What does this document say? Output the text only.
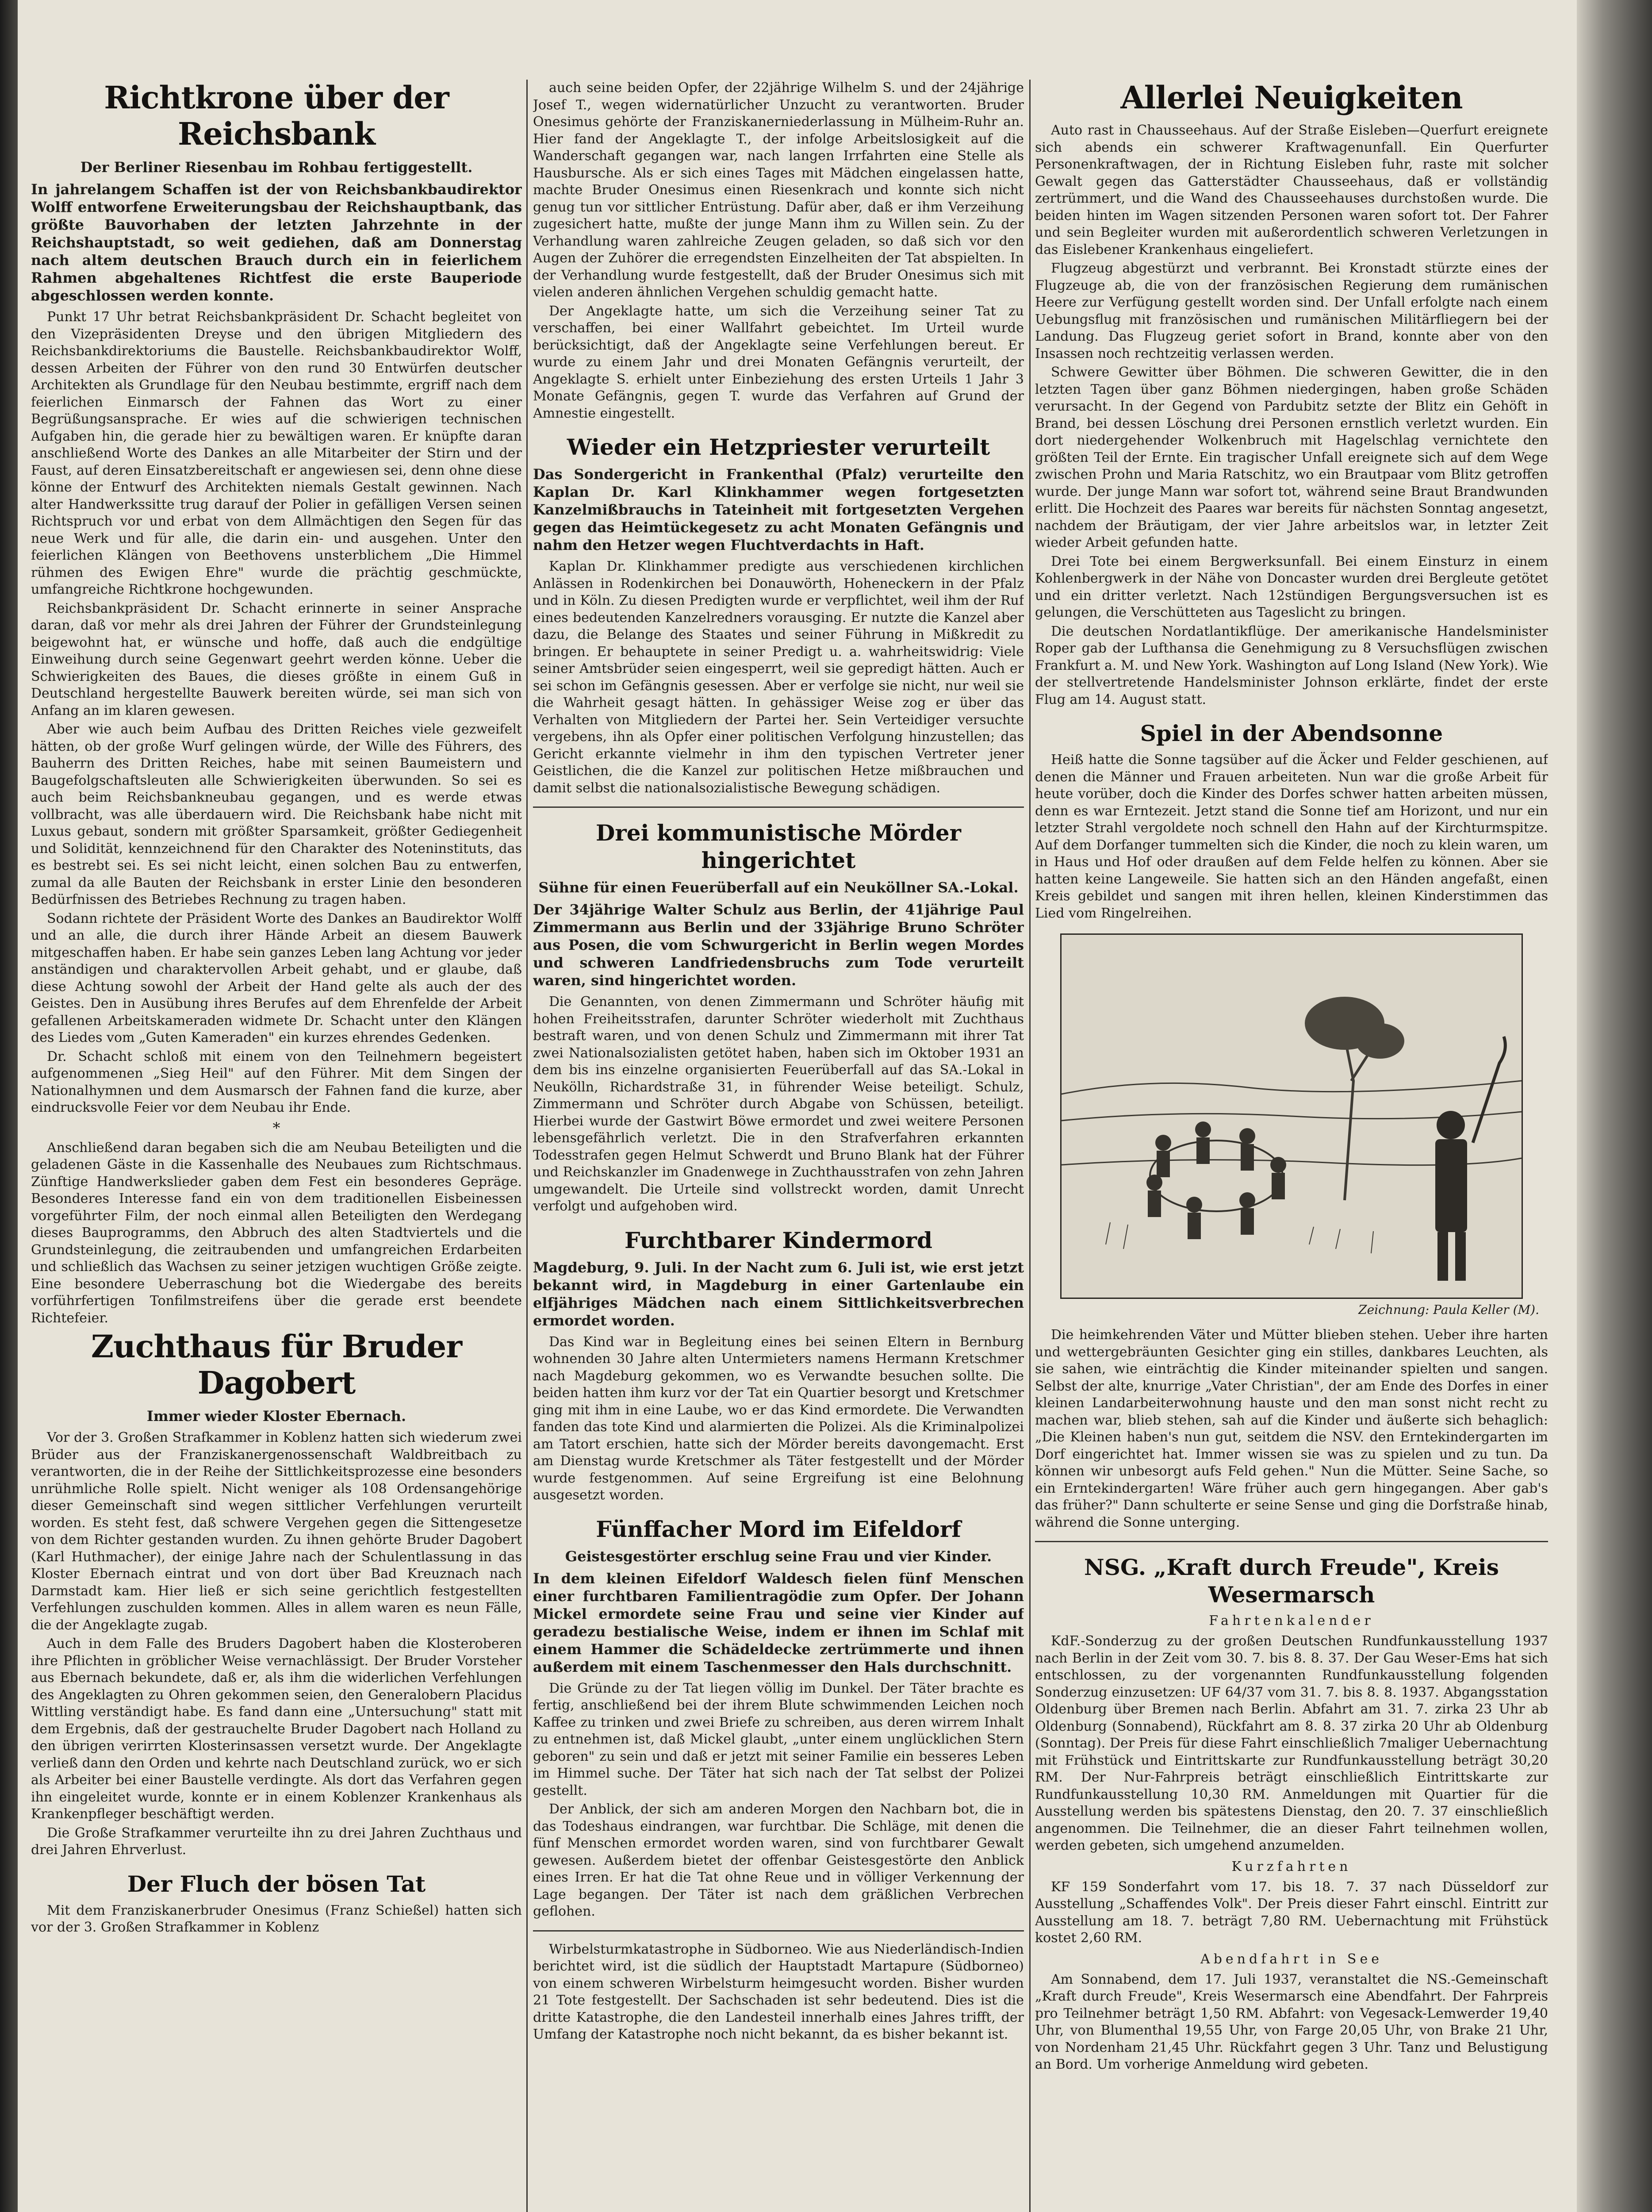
Richtkrone über der Reichsbank
Der Berliner Riesenbau im Rohbau fertiggestellt.
In jahrelangem Schaffen ist der von Reichsbankbaudirektor Wolff entworfene Erweiterungsbau der Reichshauptbank, das größte Bauvorhaben der letzten Jahrzehnte in der Reichshauptstadt, so weit gediehen, daß am Donnerstag nach altem deutschen Brauch durch ein in feierlichem Rahmen abgehaltenes Richtfest die erste Bauperiode abgeschlossen werden konnte.

Punkt 17 Uhr betrat Reichsbankpräsident Dr. Schacht begleitet von den Vizepräsidenten Dreyse und den übrigen Mitgliedern des Reichsbankdirektoriums die Baustelle. Reichsbankbaudirektor Wolff, dessen Arbeiten der Führer von den rund 30 Entwürfen deutscher Architekten als Grundlage für den Neubau bestimmte, ergriff nach dem feierlichen Einmarsch der Fahnen das Wort zu einer Begrüßungsansprache. Er wies auf die schwierigen technischen Aufgaben hin, die gerade hier zu bewältigen waren. Er knüpfte daran anschließend Worte des Dankes an alle Mitarbeiter der Stirn und der Faust, auf deren Einsatzbereitschaft er angewiesen sei, denn ohne diese könne der Entwurf des Architekten niemals Gestalt gewinnen. Nach alter Handwerkssitte trug darauf der Polier in gefälligen Versen seinen Richtspruch vor und erbat von dem Allmächtigen den Segen für das neue Werk und für alle, die darin ein- und ausgehen. Unter den feierlichen Klängen von Beethovens unsterblichem „Die Himmel rühmen des Ewigen Ehre" wurde die prächtig geschmückte, umfangreiche Richtkrone hochgewunden.

Reichsbankpräsident Dr. Schacht erinnerte in seiner Ansprache daran, daß vor mehr als drei Jahren der Führer der Grundsteinlegung beigewohnt hat, er wünsche und hoffe, daß auch die endgültige Einweihung durch seine Gegenwart geehrt werden könne. Ueber die Schwierigkeiten des Baues, die dieses größte in einem Guß in Deutschland hergestellte Bauwerk bereiten würde, sei man sich von Anfang an im klaren gewesen.

Aber wie auch beim Aufbau des Dritten Reiches viele gezweifelt hätten, ob der große Wurf gelingen würde, der Wille des Führers, des Bauherrn des Dritten Reiches, habe mit seinen Baumeistern und Baugefolgschaftsleuten alle Schwierigkeiten überwunden. So sei es auch beim Reichsbankneubau gegangen, und es werde etwas vollbracht, was alle überdauern wird. Die Reichsbank habe nicht mit Luxus gebaut, sondern mit größter Sparsamkeit, größter Gediegenheit und Solidität, kennzeichnend für den Charakter des Noteninstituts, das es bestrebt sei. Es sei nicht leicht, einen solchen Bau zu entwerfen, zumal da alle Bauten der Reichsbank in erster Linie den besonderen Bedürfnissen des Betriebes Rechnung zu tragen haben.

Sodann richtete der Präsident Worte des Dankes an Baudirektor Wolff und an alle, die durch ihrer Hände Arbeit an diesem Bauwerk mitgeschaffen haben. Er habe sein ganzes Leben lang Achtung vor jeder anständigen und charaktervollen Arbeit gehabt, und er glaube, daß diese Achtung sowohl der Arbeit der Hand gelte als auch der des Geistes. Den in Ausübung ihres Berufes auf dem Ehrenfelde der Arbeit gefallenen Arbeitskameraden widmete Dr. Schacht unter den Klängen des Liedes vom „Guten Kameraden" ein kurzes ehrendes Gedenken.

Dr. Schacht schloß mit einem von den Teilnehmern begeistert aufgenommenen „Sieg Heil" auf den Führer. Mit dem Singen der Nationalhymnen und dem Ausmarsch der Fahnen fand die kurze, aber eindrucksvolle Feier vor dem Neubau ihr Ende.

*

Anschließend daran begaben sich die am Neubau Beteiligten und die geladenen Gäste in die Kassenhalle des Neubaues zum Richtschmaus. Zünftige Handwerkslieder gaben dem Fest ein besonderes Gepräge. Besonderes Interesse fand ein von dem traditionellen Eisbeinessen vorgeführter Film, der noch einmal allen Beteiligten den Werdegang dieses Bauprogramms, den Abbruch des alten Stadtviertels und die Grundsteinlegung, die zeitraubenden und umfangreichen Erdarbeiten und schließlich das Wachsen zu seiner jetzigen wuchtigen Größe zeigte. Eine besondere Ueberraschung bot die Wiedergabe des bereits vorführfertigen Tonfilmstreifens über die gerade erst beendete Richtefeier.

Zuchthaus für Bruder Dagobert
Immer wieder Kloster Ebernach.

Vor der 3. Großen Strafkammer in Koblenz hatten sich wiederum zwei Brüder aus der Franziskanergenossenschaft Waldbreitbach zu verantworten, die in der Reihe der Sittlichkeitsprozesse eine besonders unrühmliche Rolle spielt. Nicht weniger als 108 Ordensangehörige dieser Gemeinschaft sind wegen sittlicher Verfehlungen verurteilt worden. Es steht fest, daß schwere Vergehen gegen die Sittengesetze von dem Richter gestanden wurden. Zu ihnen gehörte Bruder Dagobert (Karl Huthmacher), der einige Jahre nach der Schulentlassung in das Kloster Ebernach eintrat und von dort über Bad Kreuznach nach Darmstadt kam. Hier ließ er sich seine gerichtlich festgestellten Verfehlungen zuschulden kommen. Alles in allem waren es neun Fälle, die der Angeklagte zugab.

Auch in dem Falle des Bruders Dagobert haben die Klosteroberen ihre Pflichten in gröblicher Weise vernachlässigt. Der Bruder Vorsteher aus Ebernach bekundete, daß er, als ihm die widerlichen Verfehlungen des Angeklagten zu Ohren gekommen seien, den Generalobern Placidus Wittling verständigt habe. Es fand dann eine „Untersuchung" statt mit dem Ergebnis, daß der gestrauchelte Bruder Dagobert nach Holland zu den übrigen verirrten Klosterinsassen versetzt wurde. Der Angeklagte verließ dann den Orden und kehrte nach Deutschland zurück, wo er sich als Arbeiter bei einer Baustelle verdingte. Als dort das Verfahren gegen ihn eingeleitet wurde, konnte er in einem Koblenzer Krankenhaus als Krankenpfleger beschäftigt werden.

Die Große Strafkammer verurteilte ihn zu drei Jahren Zuchthaus und drei Jahren Ehrverlust.

Der Fluch der bösen Tat

Mit dem Franziskanerbruder Onesimus (Franz Schießel) hatten sich vor der 3. Großen Strafkammer in Koblenz

auch seine beiden Opfer, der 22jährige Wilhelm S. und der 24jährige Josef T., wegen widernatürlicher Unzucht zu verantworten. Bruder Onesimus gehörte der Franziskanerniederlassung in Mülheim-Ruhr an. Hier fand der Angeklagte T., der infolge Arbeitslosigkeit auf die Wanderschaft gegangen war, nach langen Irrfahrten eine Stelle als Hausbursche. Als er sich eines Tages mit Mädchen eingelassen hatte, machte Bruder Onesimus einen Riesenkrach und konnte sich nicht genug tun vor sittlicher Entrüstung. Dafür aber, daß er ihm Verzeihung zugesichert hatte, mußte der junge Mann ihm zu Willen sein. Zu der Verhandlung waren zahlreiche Zeugen geladen, so daß sich vor den Augen der Zuhörer die erregendsten Einzelheiten der Tat abspielten. In der Verhandlung wurde festgestellt, daß der Bruder Onesimus sich mit vielen anderen ähnlichen Vergehen schuldig gemacht hatte.

Der Angeklagte hatte, um sich die Verzeihung seiner Tat zu verschaffen, bei einer Wallfahrt gebeichtet. Im Urteil wurde berücksichtigt, daß der Angeklagte seine Verfehlungen bereut. Er wurde zu einem Jahr und drei Monaten Gefängnis verurteilt, der Angeklagte S. erhielt unter Einbeziehung des ersten Urteils 1 Jahr 3 Monate Gefängnis, gegen T. wurde das Verfahren auf Grund der Amnestie eingestellt.

Wieder ein Hetzpriester verurteilt
Das Sondergericht in Frankenthal (Pfalz) verurteilte den Kaplan Dr. Karl Klinkhammer wegen fortgesetzten Kanzelmißbrauchs in Tateinheit mit fortgesetzten Vergehen gegen das Heimtückegesetz zu acht Monaten Gefängnis und nahm den Hetzer wegen Fluchtverdachts in Haft.

Kaplan Dr. Klinkhammer predigte aus verschiedenen kirchlichen Anlässen in Rodenkirchen bei Donauwörth, Hoheneckern in der Pfalz und in Köln. Zu diesen Predigten wurde er verpflichtet, weil ihm der Ruf eines bedeutenden Kanzelredners vorausging. Er nutzte die Kanzel aber dazu, die Belange des Staates und seiner Führung in Mißkredit zu bringen. Er behauptete in seiner Predigt u. a. wahrheitswidrig: Viele seiner Amtsbrüder seien eingesperrt, weil sie gepredigt hätten. Auch er sei schon im Gefängnis gesessen. Aber er verfolge sie nicht, nur weil sie die Wahrheit gesagt hätten. In gehässiger Weise zog er über das Verhalten von Mitgliedern der Partei her. Sein Verteidiger versuchte vergebens, ihn als Opfer einer politischen Verfolgung hinzustellen; das Gericht erkannte vielmehr in ihm den typischen Vertreter jener Geistlichen, die die Kanzel zur politischen Hetze mißbrauchen und damit selbst die nationalsozialistische Bewegung schädigen.

Drei kommunistische Mörder hingerichtet
Sühne für einen Feuerüberfall auf ein Neuköllner SA.-Lokal.
Der 34jährige Walter Schulz aus Berlin, der 41jährige Paul Zimmermann aus Berlin und der 33jährige Bruno Schröter aus Posen, die vom Schwurgericht in Berlin wegen Mordes und schweren Landfriedensbruchs zum Tode verurteilt waren, sind hingerichtet worden.

Die Genannten, von denen Zimmermann und Schröter häufig mit hohen Freiheitsstrafen, darunter Schröter wiederholt mit Zuchthaus bestraft waren, und von denen Schulz und Zimmermann mit ihrer Tat zwei Nationalsozialisten getötet haben, haben sich im Oktober 1931 an dem bis ins einzelne organisierten Feuerüberfall auf das SA.-Lokal in Neukölln, Richardstraße 31, in führender Weise beteiligt. Schulz, Zimmermann und Schröter durch Abgabe von Schüssen, beteiligt. Hierbei wurde der Gastwirt Böwe ermordet und zwei weitere Personen lebensgefährlich verletzt. Die in den Strafverfahren erkannten Todesstrafen gegen Helmut Schwerdt und Bruno Blank hat der Führer und Reichskanzler im Gnadenwege in Zuchthausstrafen von zehn Jahren umgewandelt. Die Urteile sind vollstreckt worden, damit Unrecht verfolgt und aufgehoben wird.

Furchtbarer Kindermord
Magdeburg, 9. Juli. In der Nacht zum 6. Juli ist, wie erst jetzt bekannt wird, in Magdeburg in einer Gartenlaube ein elfjähriges Mädchen nach einem Sittlichkeitsverbrechen ermordet worden.

Das Kind war in Begleitung eines bei seinen Eltern in Bernburg wohnenden 30 Jahre alten Untermieters namens Hermann Kretschmer nach Magdeburg gekommen, wo es Verwandte besuchen sollte. Die beiden hatten ihm kurz vor der Tat ein Quartier besorgt und Kretschmer ging mit ihm in eine Laube, wo er das Kind ermordete. Die Verwandten fanden das tote Kind und alarmierten die Polizei. Als die Kriminalpolizei am Tatort erschien, hatte sich der Mörder bereits davongemacht. Erst am Dienstag wurde Kretschmer als Täter festgestellt und der Mörder wurde festgenommen. Auf seine Ergreifung ist eine Belohnung ausgesetzt worden.

Fünffacher Mord im Eifeldorf
Geistesgestörter erschlug seine Frau und vier Kinder.
In dem kleinen Eifeldorf Waldesch fielen fünf Menschen einer furchtbaren Familientragödie zum Opfer. Der Johann Mickel ermordete seine Frau und seine vier Kinder auf geradezu bestialische Weise, indem er ihnen im Schlaf mit einem Hammer die Schädeldecke zertrümmerte und ihnen außerdem mit einem Taschenmesser den Hals durchschnitt.

Die Gründe zu der Tat liegen völlig im Dunkel. Der Täter brachte es fertig, anschließend bei der ihrem Blute schwimmenden Leichen noch Kaffee zu trinken und zwei Briefe zu schreiben, aus deren wirrem Inhalt zu entnehmen ist, daß Mickel glaubt, „unter einem unglücklichen Stern geboren" zu sein und daß er jetzt mit seiner Familie ein besseres Leben im Himmel suche. Der Täter hat sich nach der Tat selbst der Polizei gestellt.

Der Anblick, der sich am anderen Morgen den Nachbarn bot, die in das Todeshaus eindrangen, war furchtbar. Die Schläge, mit denen die fünf Menschen ermordet worden waren, sind von furchtbarer Gewalt gewesen. Außerdem bietet der offenbar Geistesgestörte den Anblick eines Irren. Er hat die Tat ohne Reue und in völliger Verkennung der Lage begangen. Der Täter ist nach dem gräßlichen Verbrechen geflohen.

Wirbelsturmkatastrophe in Südborneo. Wie aus Niederländisch-Indien berichtet wird, ist die südlich der Hauptstadt Martapure (Südborneo) von einem schweren Wirbelsturm heimgesucht worden. Bisher wurden 21 Tote festgestellt. Der Sachschaden ist sehr bedeutend. Dies ist die dritte Katastrophe, die den Landesteil innerhalb eines Jahres trifft, der Umfang der Katastrophe noch nicht bekannt, da es bisher bekannt ist.

Allerlei Neuigkeiten

Auto rast in Chausseehaus. Auf der Straße Eisleben—Querfurt ereignete sich abends ein schwerer Kraftwagenunfall. Ein Querfurter Personenkraftwagen, der in Richtung Eisleben fuhr, raste mit solcher Gewalt gegen das Gatterstädter Chausseehaus, daß er vollständig zertrümmert, und die Wand des Chausseehauses durchstoßen wurde. Die beiden hinten im Wagen sitzenden Personen waren sofort tot. Der Fahrer und sein Begleiter wurden mit außerordentlich schweren Verletzungen in das Eislebener Krankenhaus eingeliefert.

Flugzeug abgestürzt und verbrannt. Bei Kronstadt stürzte eines der Flugzeuge ab, die von der französischen Regierung dem rumänischen Heere zur Verfügung gestellt worden sind. Der Unfall erfolgte nach einem Uebungsflug mit französischen und rumänischen Militärfliegern bei der Landung. Das Flugzeug geriet sofort in Brand, konnte aber von den Insassen noch rechtzeitig verlassen werden.

Schwere Gewitter über Böhmen. Die schweren Gewitter, die in den letzten Tagen über ganz Böhmen niedergingen, haben große Schäden verursacht. In der Gegend von Pardubitz setzte der Blitz ein Gehöft in Brand, bei dessen Löschung drei Personen ernstlich verletzt wurden. Ein dort niedergehender Wolkenbruch mit Hagelschlag vernichtete den größten Teil der Ernte. Ein tragischer Unfall ereignete sich auf dem Wege zwischen Prohn und Maria Ratschitz, wo ein Brautpaar vom Blitz getroffen wurde. Der junge Mann war sofort tot, während seine Braut Brandwunden erlitt. Die Hochzeit des Paares war bereits für nächsten Sonntag angesetzt, nachdem der Bräutigam, der vier Jahre arbeitslos war, in letzter Zeit wieder Arbeit gefunden hatte.

Drei Tote bei einem Bergwerksunfall. Bei einem Einsturz in einem Kohlenbergwerk in der Nähe von Doncaster wurden drei Bergleute getötet und ein dritter verletzt. Nach 12stündigen Bergungsversuchen ist es gelungen, die Verschütteten aus Tageslicht zu bringen.

Die deutschen Nordatlantikflüge. Der amerikanische Handelsminister Roper gab der Lufthansa die Genehmigung zu 8 Versuchsflügen zwischen Frankfurt a. M. und New York. Washington auf Long Island (New York). Wie der stellvertretende Handelsminister Johnson erklärte, findet der erste Flug am 14. August statt.

Spiel in der Abendsonne

Heiß hatte die Sonne tagsüber auf die Äcker und Felder geschienen, auf denen die Männer und Frauen arbeiteten. Nun war die große Arbeit für heute vorüber, doch die Kinder des Dorfes schwer hatten arbeiten müssen, denn es war Erntezeit. Jetzt stand die Sonne tief am Horizont, und nur ein letzter Strahl vergoldete noch schnell den Hahn auf der Kirchturmspitze. Auf dem Dorfanger tummelten sich die Kinder, die noch zu klein waren, um in Haus und Hof oder draußen auf dem Felde helfen zu können. Aber sie hatten keine Langeweile. Sie hatten sich an den Händen angefaßt, einen Kreis gebildet und sangen mit ihren hellen, kleinen Kinderstimmen das Lied vom Ringelreihen.

Zeichnung: Paula Keller (M).

Die heimkehrenden Väter und Mütter blieben stehen. Ueber ihre harten und wettergebräunten Gesichter ging ein stilles, dankbares Leuchten, als sie sahen, wie einträchtig die Kinder miteinander spielten und sangen. Selbst der alte, knurrige „Vater Christian", der am Ende des Dorfes in einer kleinen Landarbeiterwohnung hauste und den man sonst nicht recht zu machen war, blieb stehen, sah auf die Kinder und äußerte sich behaglich: „Die Kleinen haben's nun gut, seitdem die NSV. den Erntekindergarten im Dorf eingerichtet hat. Immer wissen sie was zu spielen und zu tun. Da können wir unbesorgt aufs Feld gehen." Nun die Mütter. Seine Sache, so ein Erntekindergarten! Wäre früher auch gern hingegangen. Aber gab's das früher?" Dann schulterte er seine Sense und ging die Dorfstraße hinab, während die Sonne unterging.

NSG. „Kraft durch Freude", Kreis Wesermarsch
Fahrtenkalender

KdF.-Sonderzug zu der großen Deutschen Rundfunkausstellung 1937 nach Berlin in der Zeit vom 30. 7. bis 8. 8. 37. Der Gau Weser-Ems hat sich entschlossen, zu der vorgenannten Rundfunkausstellung folgenden Sonderzug einzusetzen: UF 64/37 vom 31. 7. bis 8. 8. 1937. Abgangsstation Oldenburg über Bremen nach Berlin. Abfahrt am 31. 7. zirka 23 Uhr ab Oldenburg (Sonnabend), Rückfahrt am 8. 8. 37 zirka 20 Uhr ab Oldenburg (Sonntag). Der Preis für diese Fahrt einschließlich 7maliger Uebernachtung mit Frühstück und Eintrittskarte zur Rundfunkausstellung beträgt 30,20 RM. Der Nur-Fahrpreis beträgt einschließlich Eintrittskarte zur Rundfunkausstellung 10,30 RM. Anmeldungen mit Quartier für die Ausstellung werden bis spätestens Dienstag, den 20. 7. 37 einschließlich angenommen. Die Teilnehmer, die an dieser Fahrt teilnehmen wollen, werden gebeten, sich umgehend anzumelden.

Kurzfahrten

KF 159 Sonderfahrt vom 17. bis 18. 7. 37 nach Düsseldorf zur Ausstellung „Schaffendes Volk". Der Preis dieser Fahrt einschl. Eintritt zur Ausstellung am 18. 7. beträgt 7,80 RM. Uebernachtung mit Frühstück kostet 2,60 RM.

Abendfahrt in See

Am Sonnabend, dem 17. Juli 1937, veranstaltet die NS.-Gemeinschaft „Kraft durch Freude", Kreis Wesermarsch eine Abendfahrt. Der Fahrpreis pro Teilnehmer beträgt 1,50 RM. Abfahrt: von Vegesack-Lemwerder 19,40 Uhr, von Blumenthal 19,55 Uhr, von Farge 20,05 Uhr, von Brake 21 Uhr, von Nordenham 21,45 Uhr. Rückfahrt gegen 3 Uhr. Tanz und Belustigung an Bord. Um vorherige Anmeldung wird gebeten.
